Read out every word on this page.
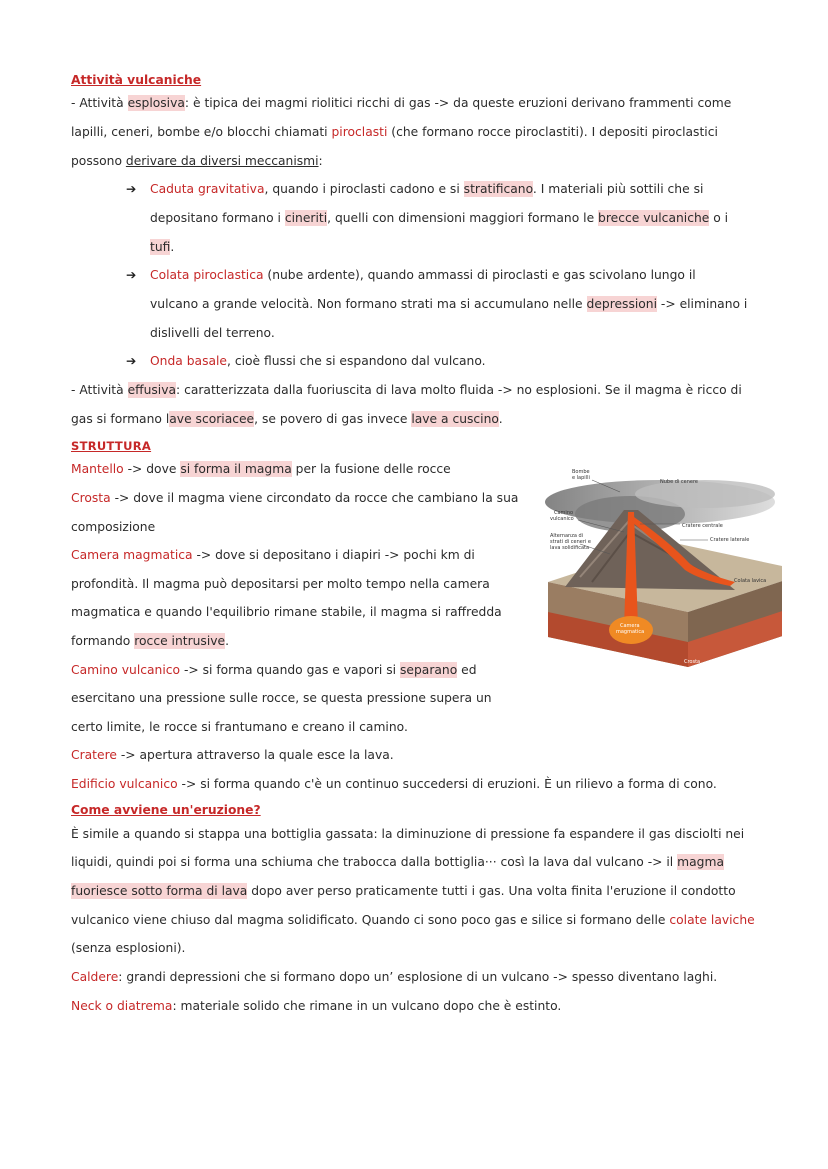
Attività vulcaniche
- Attività esplosiva: è tipica dei magmi riolitici ricchi di gas -> da queste eruzioni derivano frammenti come
lapilli, ceneri, bombe e/o blocchi chiamati piroclasti (che formano rocce piroclastiti). I depositi piroclastici
possono derivare da diversi meccanismi:
➔ Caduta gravitativa, quando i piroclasti cadono e si stratificano. I materiali più sottili che si
depositano formano i cineriti, quelli con dimensioni maggiori formano le brecce vulcaniche o i
tufi.
➔ Colata piroclastica (nube ardente), quando ammassi di piroclasti e gas scivolano lungo il
vulcano a grande velocità. Non formano strati ma si accumulano nelle depressioni -> eliminano i
dislivelli del terreno.
➔ Onda basale, cioè flussi che si espandono dal vulcano.
- Attività effusiva: caratterizzata dalla fuoriuscita di lava molto fluida -> no esplosioni. Se il magma è ricco di
gas si formano lave scoriacee, se povero di gas invece lave a cuscino.
STRUTTURA
Mantello -> dove si forma il magma per la fusione delle rocce
Crosta -> dove il magma viene circondato da rocce che cambiano la sua
composizione
Camera magmatica -> dove si depositano i diapiri -> pochi km di
profondità. Il magma può depositarsi per molto tempo nella camera
magmatica e quando l'equilibrio rimane stabile, il magma si raffredda
formando rocce intrusive.
Camino vulcanico -> si forma quando gas e vapori si separano ed
esercitano una pressione sulle rocce, se questa pressione supera un
certo limite, le rocce si frantumano e creano il camino.
Cratere -> apertura attraverso la quale esce la lava.
Edificio vulcanico -> si forma quando c'è un continuo succedersi di eruzioni. È un rilievo a forma di cono.
Come avviene un'eruzione?
È simile a quando si stappa una bottiglia gassata: la diminuzione di pressione fa espandere il gas disciolti nei
liquidi, quindi poi si forma una schiuma che trabocca dalla bottiglia··· così la lava dal vulcano -> il magma
fuoriesce sotto forma di lava dopo aver perso praticamente tutti i gas. Una volta finita l'eruzione il condotto
vulcanico viene chiuso dal magma solidificato. Quando ci sono poco gas e silice si formano delle colate laviche
(senza esplosioni).
Caldere: grandi depressioni che si formano dopo un’ esplosione di un vulcano -> spesso diventano laghi.
Neck o diatrema: materiale solido che rimane in un vulcano dopo che è estinto.
Bombe
e lapilli
Nube di cenere
Camino
vulcanico
Cratere centrale
Alternanza di
strati di ceneri e
lava solidificata
Cratere laterale
Colata lavica
Camera
magmatica
Crosta
Mantello
